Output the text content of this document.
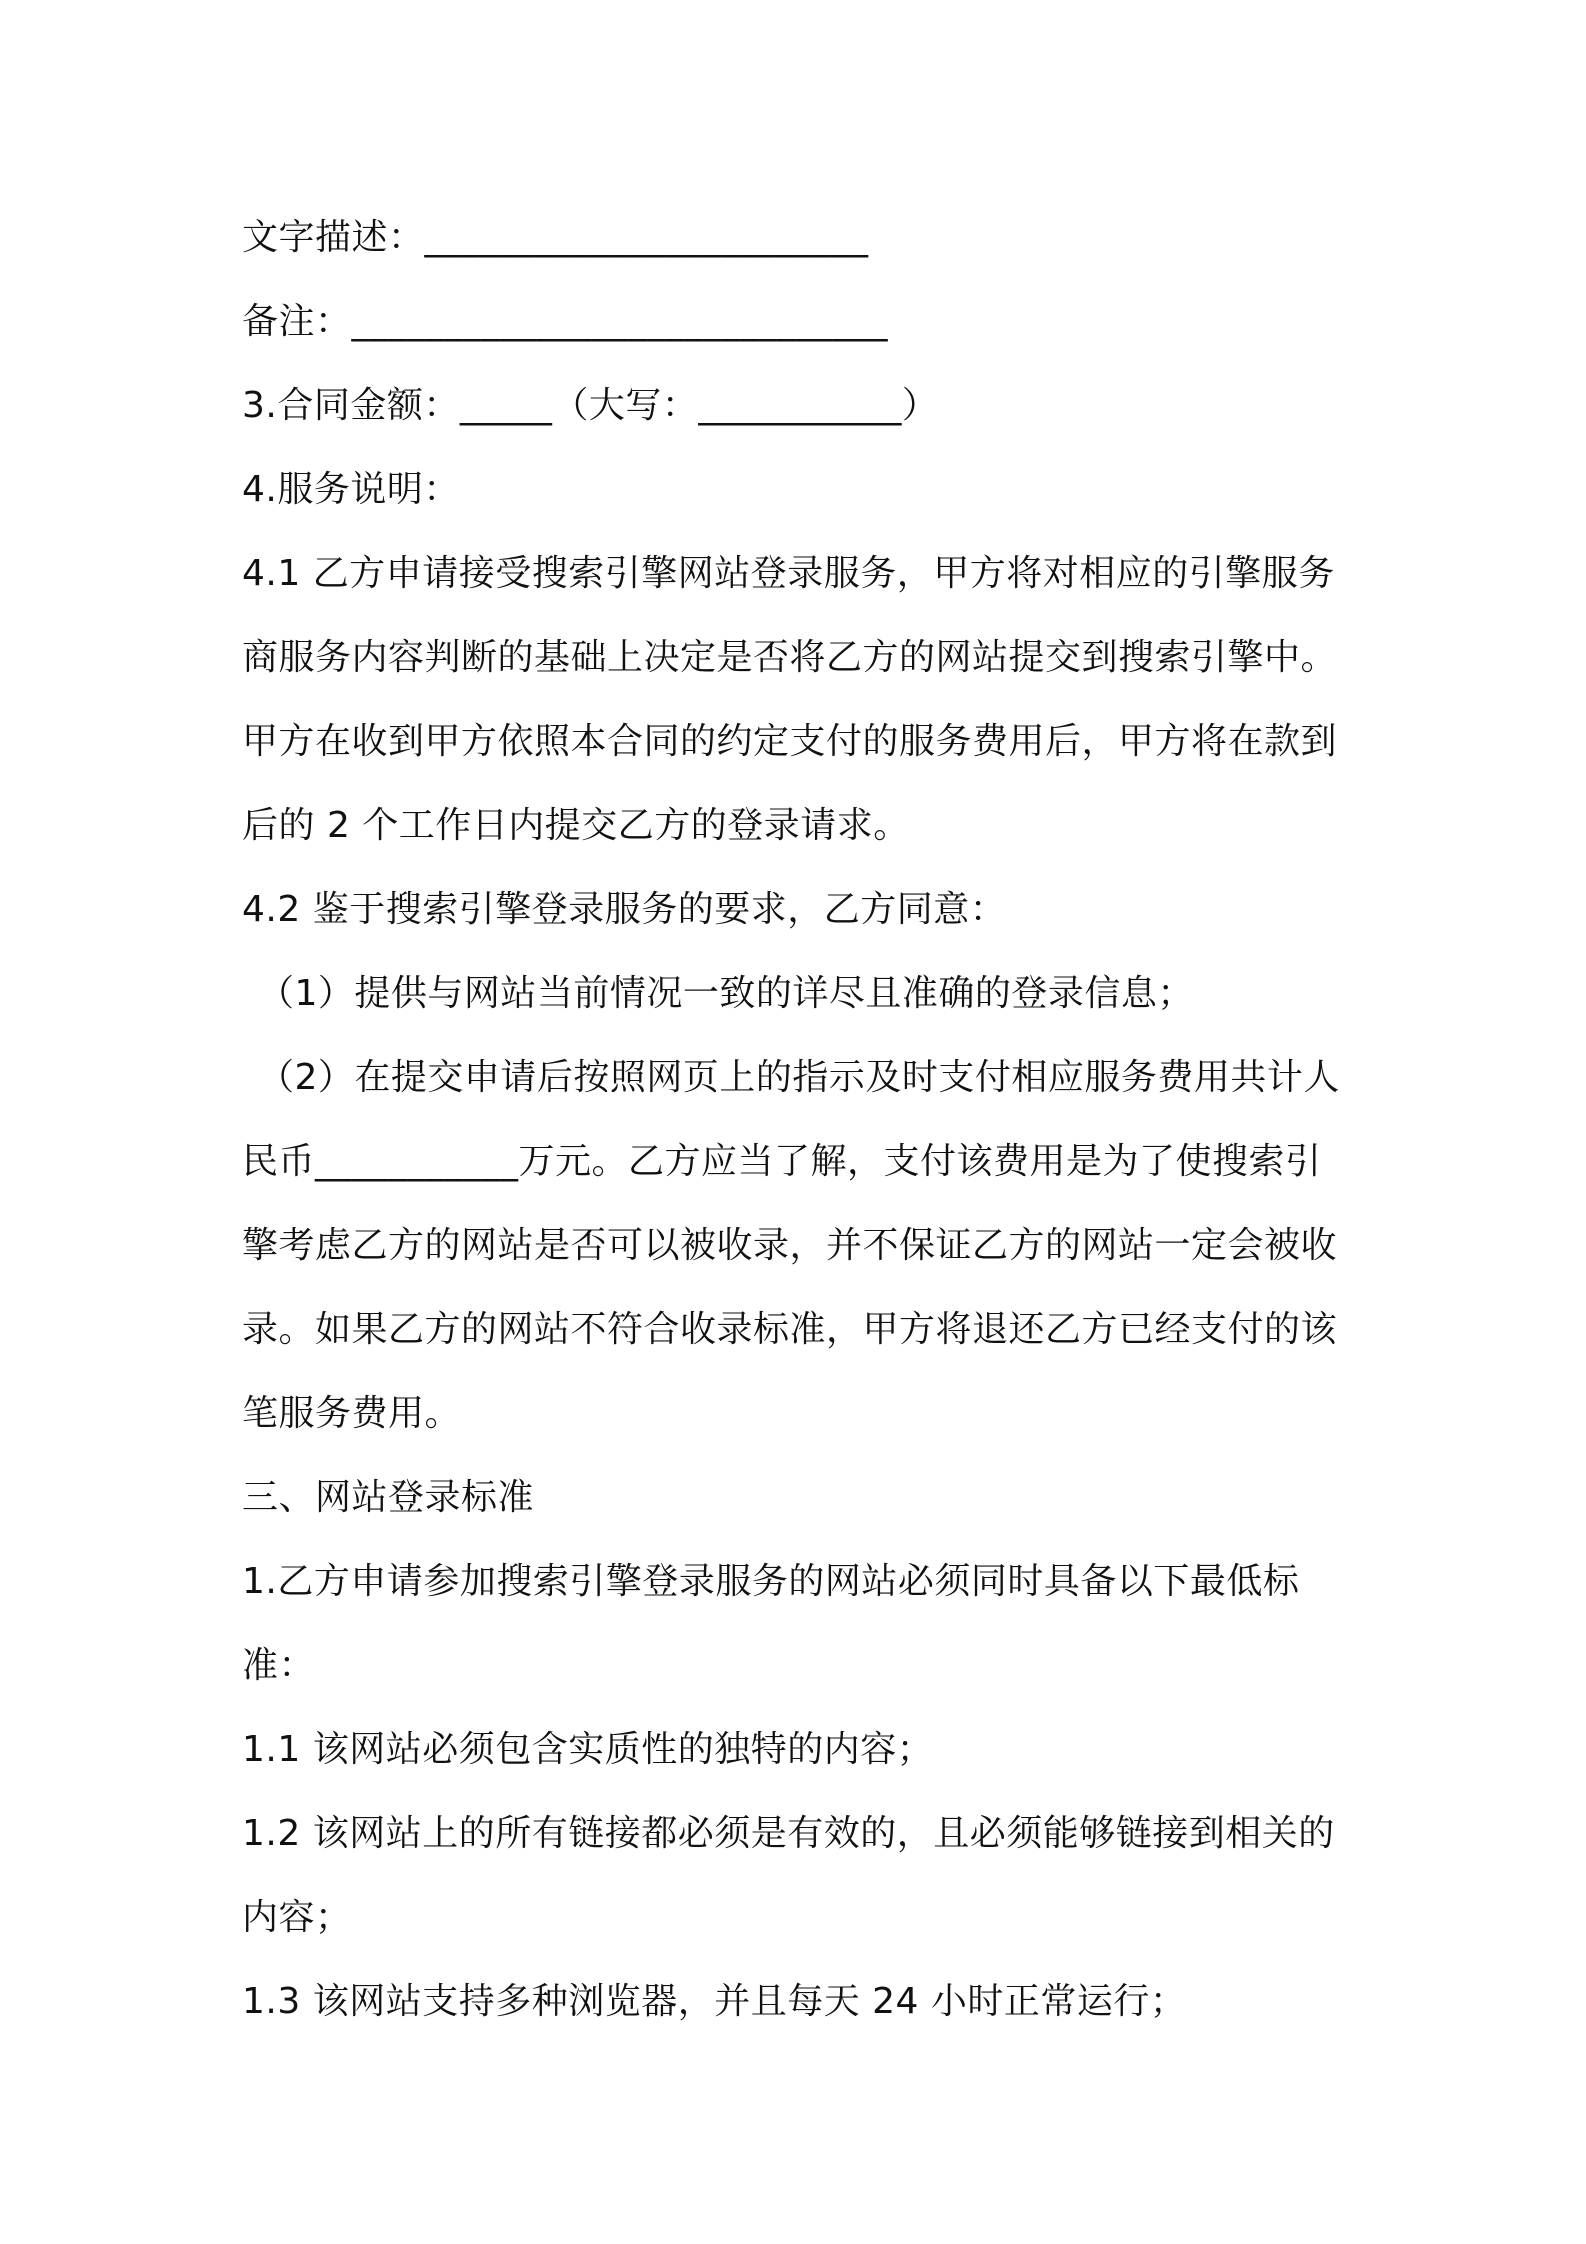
文字描述：________________________
备注：_____________________________
3.合同金额：_____（大写：___________）
4.服务说明：
4.1 乙方申请接受搜索引擎网站登录服务，甲方将对相应的引擎服务
商服务内容判断的基础上决定是否将乙方的网站提交到搜索引擎中。
甲方在收到甲方依照本合同的约定支付的服务费用后，甲方将在款到
后的 2 个工作日内提交乙方的登录请求。
4.2 鉴于搜索引擎登录服务的要求，乙方同意：
（1）提供与网站当前情况一致的详尽且准确的登录信息；
（2）在提交申请后按照网页上的指示及时支付相应服务费用共计人
民币___________万元。乙方应当了解，支付该费用是为了使搜索引
擎考虑乙方的网站是否可以被收录，并不保证乙方的网站一定会被收
录。如果乙方的网站不符合收录标准，甲方将退还乙方已经支付的该
笔服务费用。
三、网站登录标准
1.乙方申请参加搜索引擎登录服务的网站必须同时具备以下最低标
准：
1.1 该网站必须包含实质性的独特的内容；
1.2 该网站上的所有链接都必须是有效的，且必须能够链接到相关的
内容；
1.3 该网站支持多种浏览器，并且每天 24 小时正常运行；
